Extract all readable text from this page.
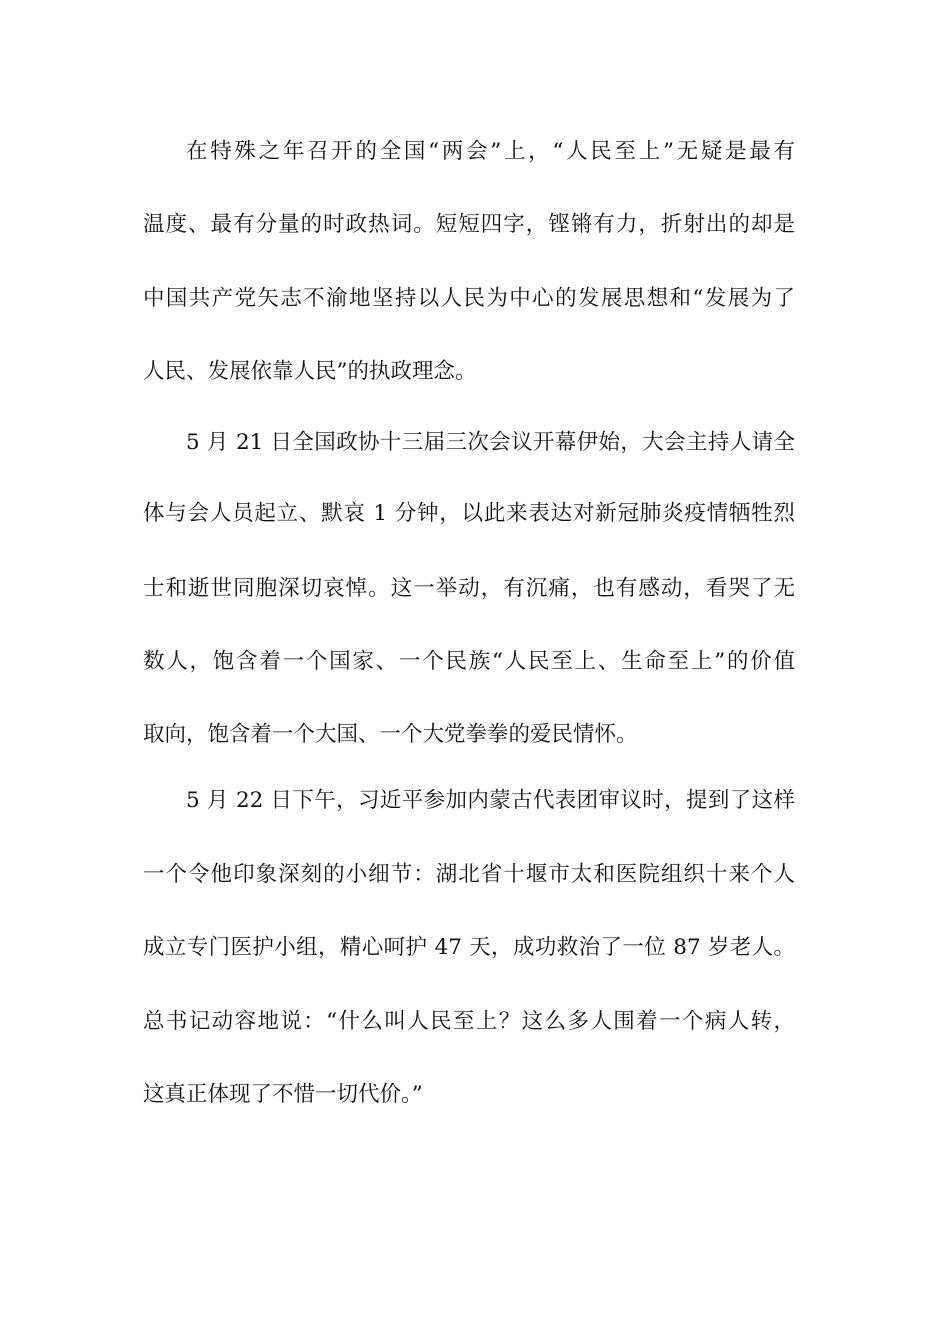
在特殊之年召开的全国“两会”上，“人民至上”无疑是最有

温度、最有分量的时政热词。短短四字，铿锵有力，折射出的却是

中国共产党矢志不渝地坚持以人民为中心的发展思想和“发展为了

人民、发展依靠人民”的执政理念。

5 月 21 日全国政协十三届三次会议开幕伊始，大会主持人请全

体与会人员起立、默哀 1 分钟，以此来表达对新冠肺炎疫情牺牲烈

士和逝世同胞深切哀悼。这一举动，有沉痛，也有感动，看哭了无

数人，饱含着一个国家、一个民族“人民至上、生命至上”的价值

取向，饱含着一个大国、一个大党拳拳的爱民情怀。

5 月 22 日下午，习近平参加内蒙古代表团审议时，提到了这样

一个令他印象深刻的小细节：湖北省十堰市太和医院组织十来个人

成立专门医护小组，精心呵护 47 天，成功救治了一位 87 岁老人。

总书记动容地说：“什么叫人民至上？这么多人围着一个病人转，

这真正体现了不惜一切代价。”
